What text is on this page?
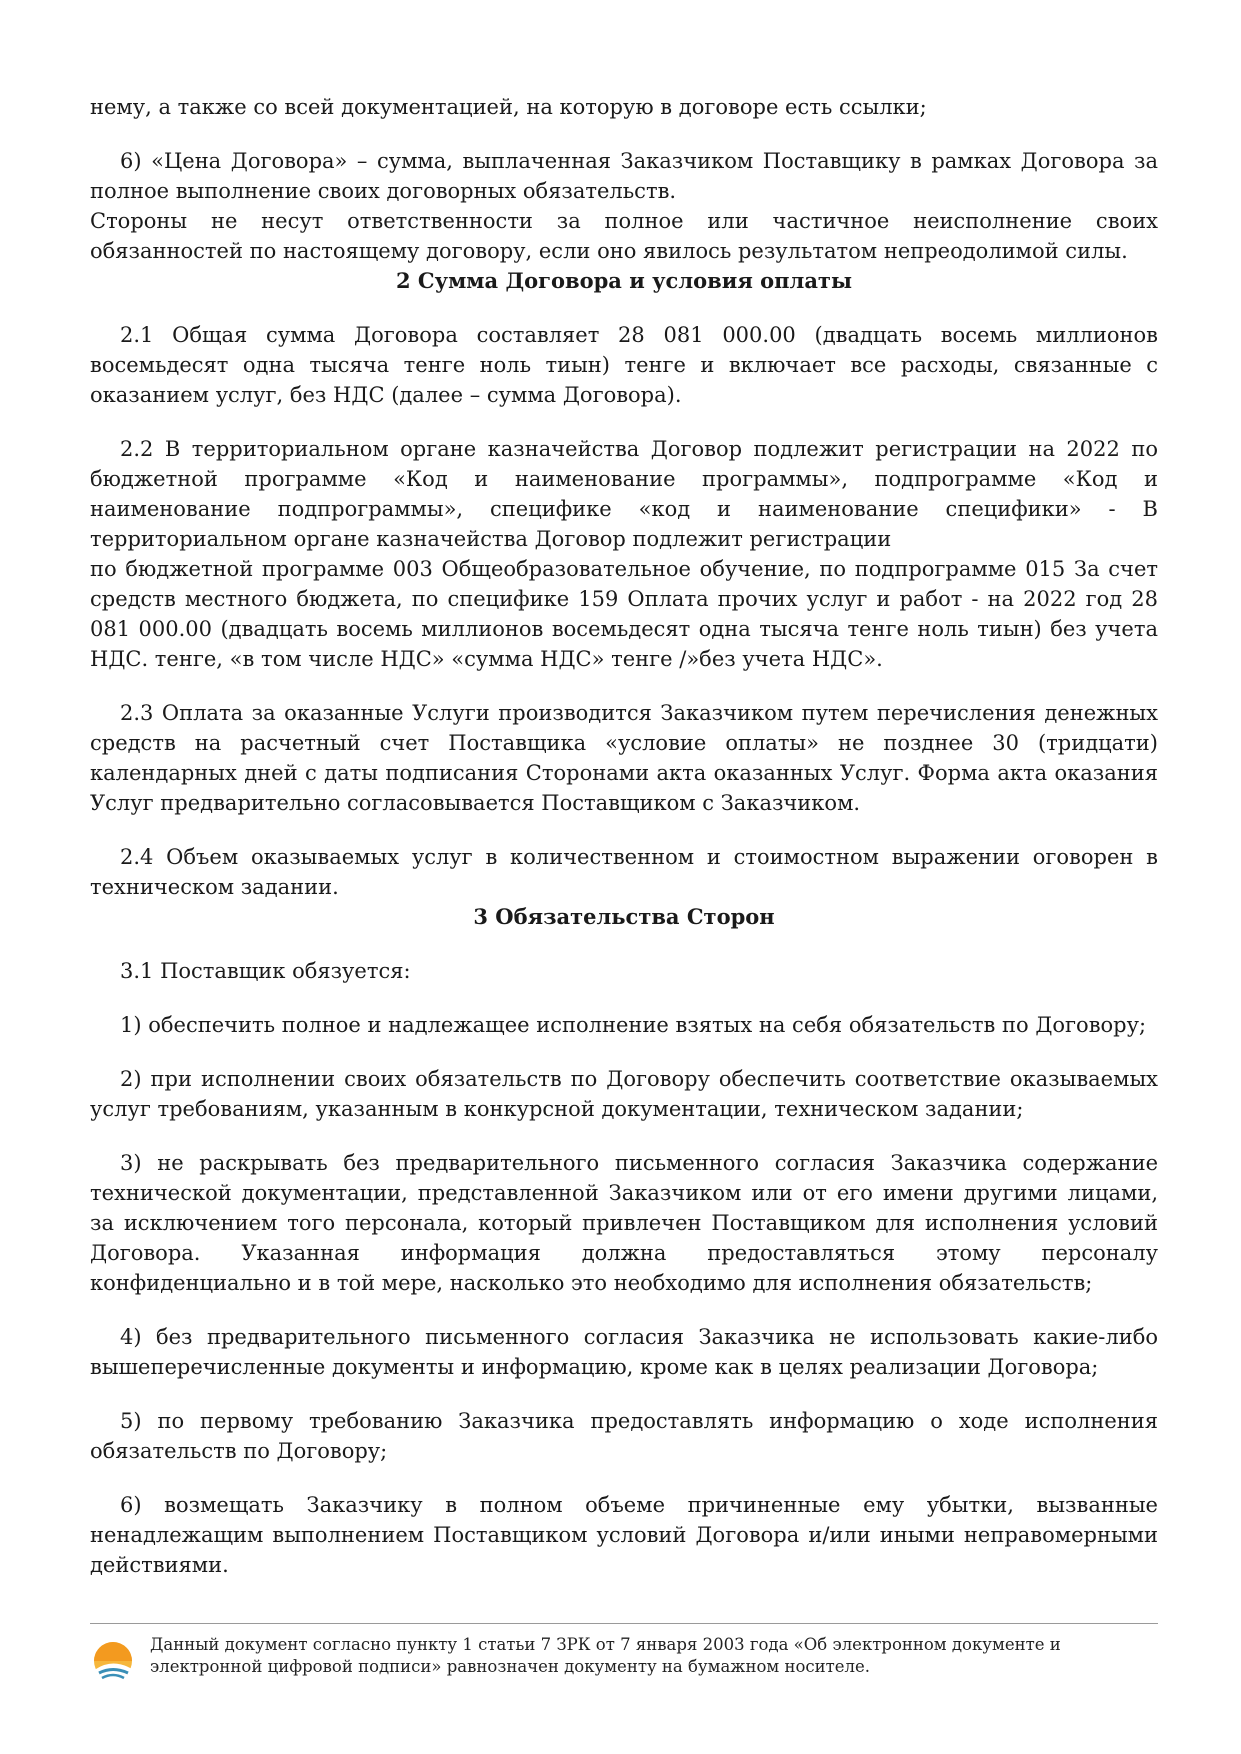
нему, а также со всей документацией, на которую в договоре есть ссылки;

6) «Цена Договора» – сумма, выплаченная Заказчиком Поставщику в рамках Договора за полное выполнение своих договорных обязательств.

Стороны не несут ответственности за полное или частичное неисполнение своих обязанностей по настоящему договору, если оно явилось результатом непреодолимой силы.

2 Сумма Договора и условия оплаты

2.1 Общая сумма Договора составляет 28 081 000.00 (двадцать восемь миллионов восемьдесят одна тысяча тенге ноль тиын) тенге и включает все расходы, связанные с оказанием услуг, без НДС (далее – сумма Договора).

2.2 В территориальном органе казначейства Договор подлежит регистрации на 2022 по бюджетной программе «Код и наименование программы», подпрограмме «Код и наименование подпрограммы», специфике «код и наименование специфики» - В территориальном органе казначейства Договор подлежит регистрации

по бюджетной программе 003 Общеобразовательное обучение, по подпрограмме 015 За счет средств местного бюджета, по специфике 159 Оплата прочих услуг и работ - на 2022 год 28 081 000.00 (двадцать восемь миллионов восемьдесят одна тысяча тенге ноль тиын) без учета НДС. тенге, «в том числе НДС» «сумма НДС» тенге /»без учета НДС».

2.3 Оплата за оказанные Услуги производится Заказчиком путем перечисления денежных средств на расчетный счет Поставщика «условие оплаты» не позднее 30 (тридцати) календарных дней с даты подписания Сторонами акта оказанных Услуг. Форма акта оказания Услуг предварительно согласовывается Поставщиком с Заказчиком.

2.4 Объем оказываемых услуг в количественном и стоимостном выражении оговорен в техническом задании.

3 Обязательства Сторон

3.1 Поставщик обязуется:

1) обеспечить полное и надлежащее исполнение взятых на себя обязательств по Договору;

2) при исполнении своих обязательств по Договору обеспечить соответствие оказываемых услуг требованиям, указанным в конкурсной документации, техническом задании;

3) не раскрывать без предварительного письменного согласия Заказчика содержание технической документации, представленной Заказчиком или от его имени другими лицами, за исключением того персонала, который привлечен Поставщиком для исполнения условий Договора. Указанная информация должна предоставляться этому персоналу конфиденциально и в той мере, насколько это необходимо для исполнения обязательств;

4) без предварительного письменного согласия Заказчика не использовать какие-либо вышеперечисленные документы и информацию, кроме как в целях реализации Договора;

5) по первому требованию Заказчика предоставлять информацию о ходе исполнения обязательств по Договору;

6) возмещать Заказчику в полном объеме причиненные ему убытки, вызванные ненадлежащим выполнением Поставщиком условий Договора и/или иными неправомерными действиями.

Данный документ согласно пункту 1 статьи 7 ЗРК от 7 января 2003 года «Об электронном документе и электронной цифровой подписи» равнозначен документу на бумажном носителе.
